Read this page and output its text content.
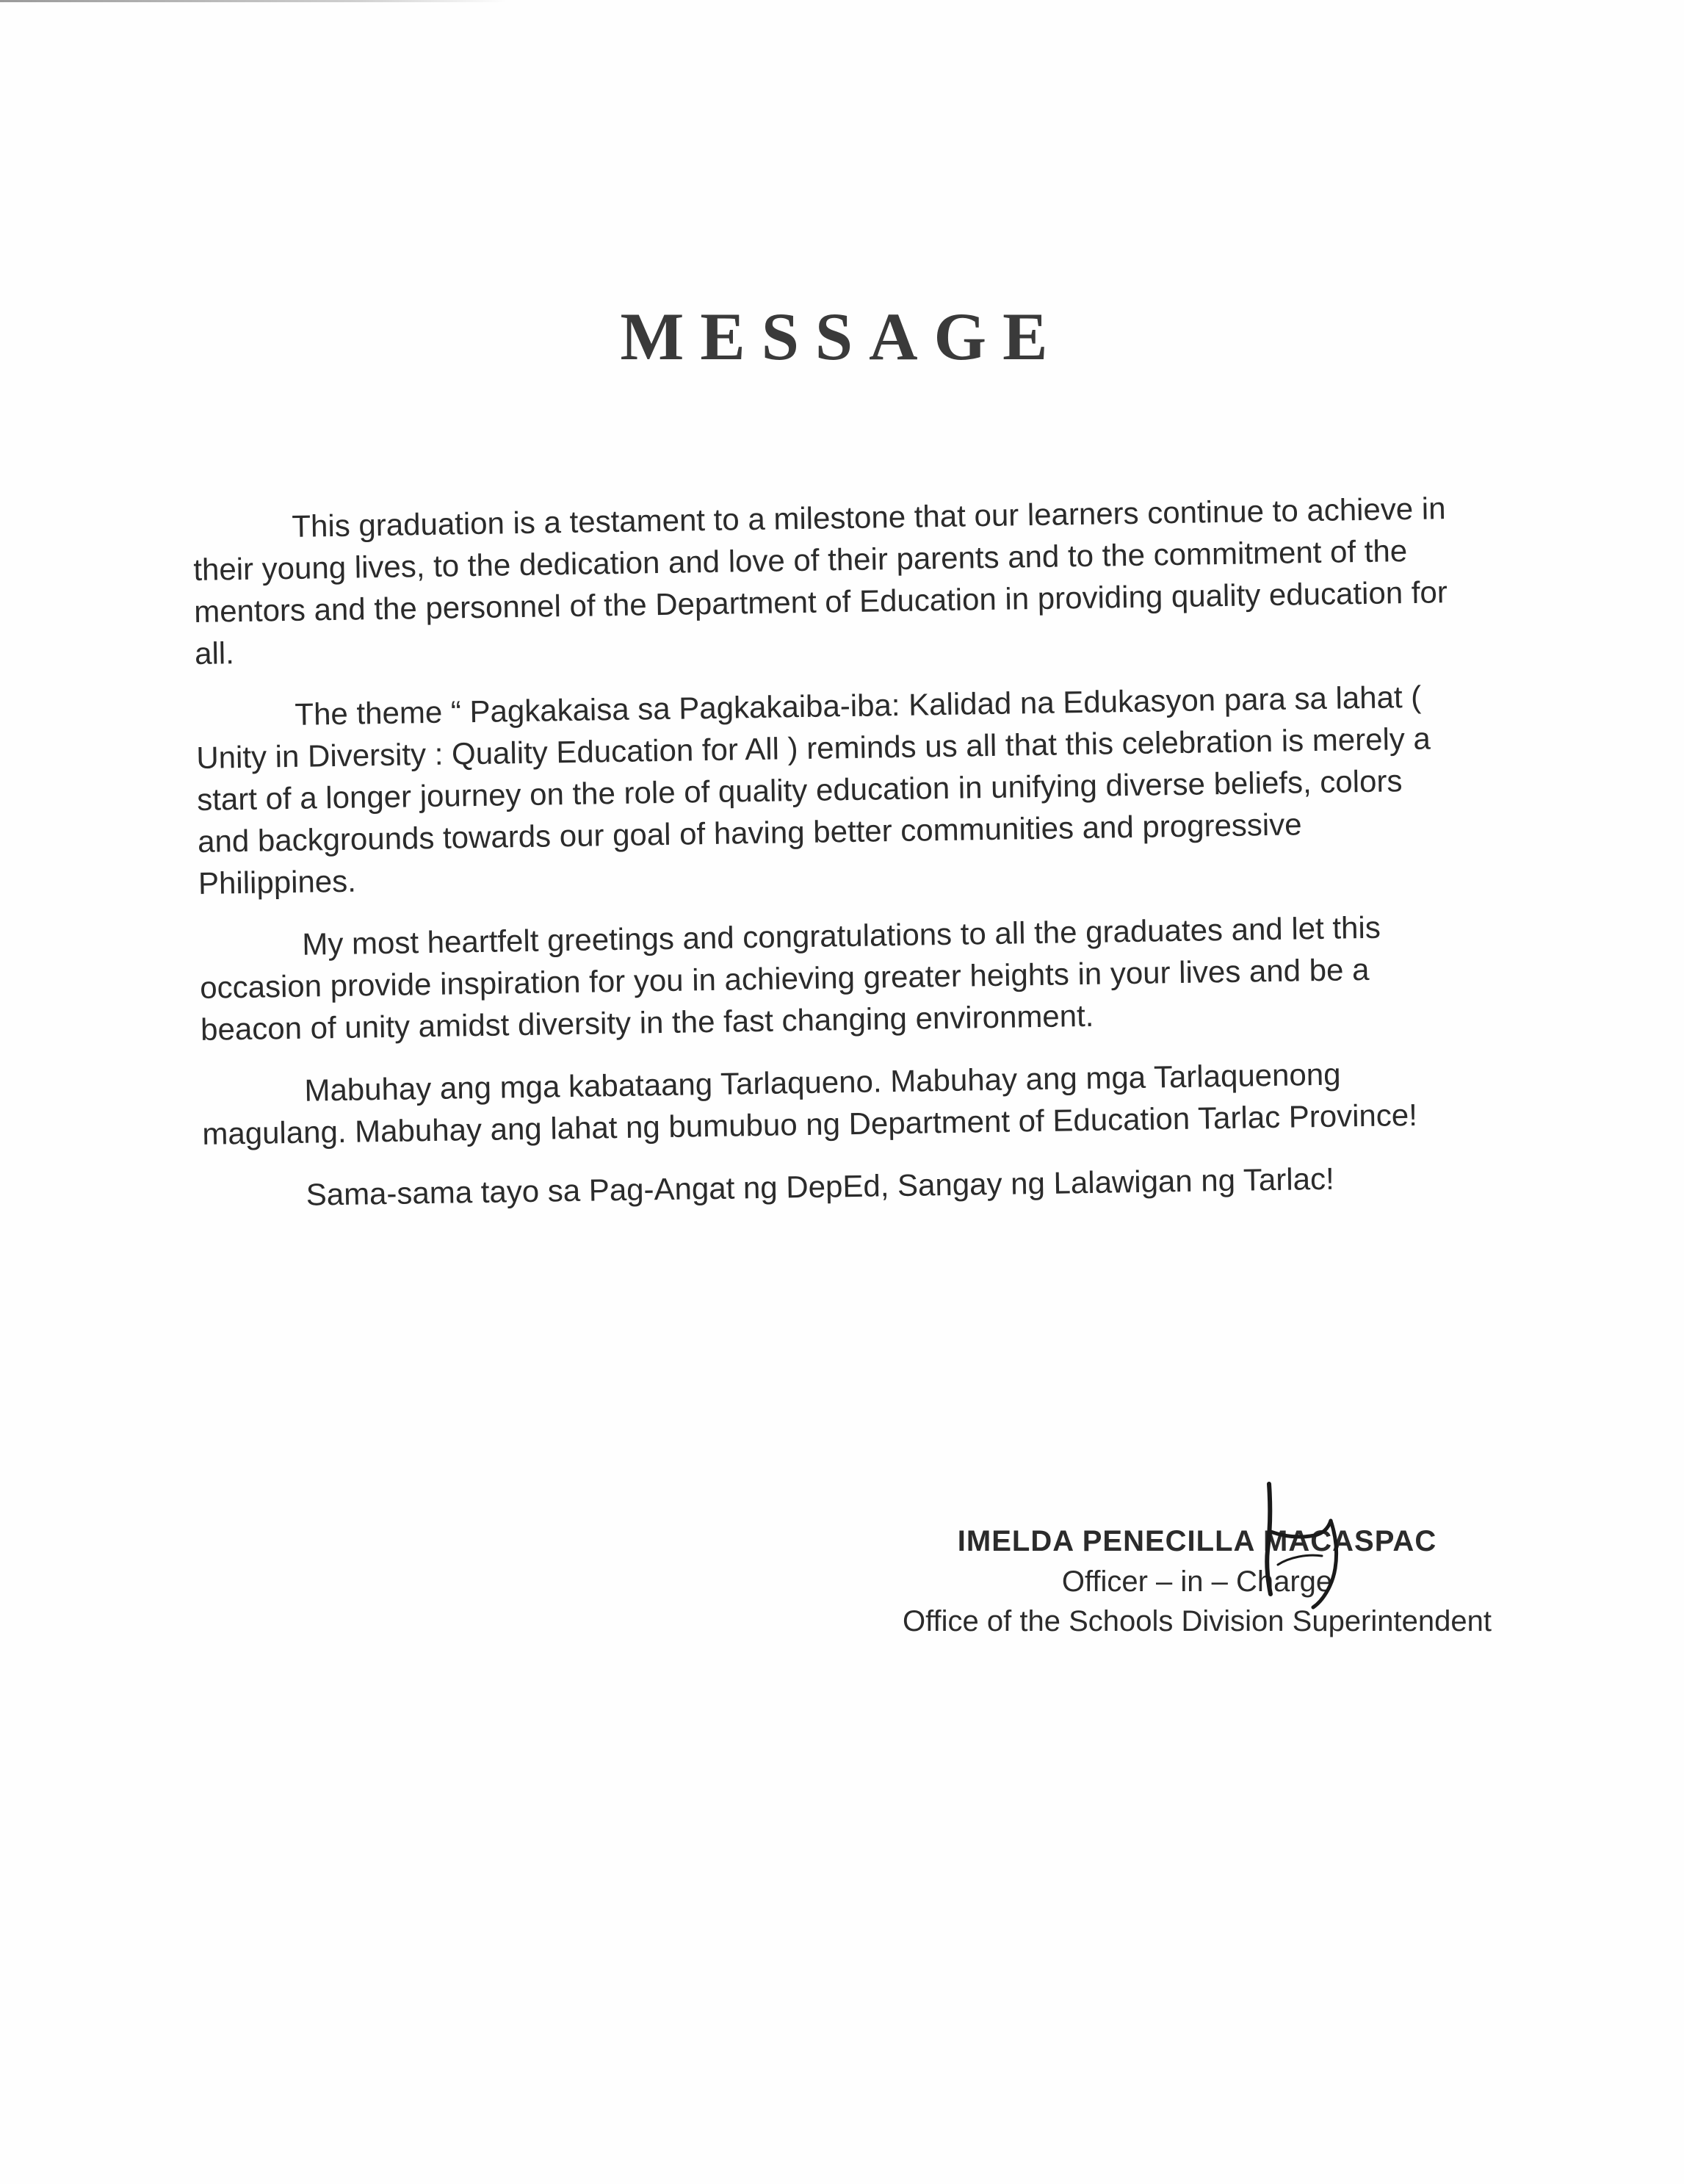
MESSAGE

This graduation is a testament to a milestone that our learners continue to achieve in their young lives, to the dedication and love of their parents and to the commitment of the mentors and the personnel of the Department of Education in providing quality education for all.

The theme “ Pagkakaisa sa Pagkakaiba-iba: Kalidad na Edukasyon para sa lahat ( Unity in Diversity : Quality Education for All ) reminds us all that this celebration is merely a start of a longer journey on the role of quality education in unifying diverse beliefs, colors and backgrounds towards our goal of having better communities and progressive Philippines.

My most heartfelt greetings and congratulations to all the graduates and let this occasion provide inspiration for you in achieving greater heights in your lives and be a beacon of unity amidst diversity in the fast changing environment.

Mabuhay ang mga kabataang Tarlaqueno. Mabuhay ang mga Tarlaquenong magulang. Mabuhay ang lahat ng bumubuo ng Department of Education Tarlac Province!

Sama-sama tayo sa Pag-Angat ng DepEd, Sangay ng Lalawigan ng Tarlac!

IMELDA PENECILLA MACASPAC
Officer – in – Charge
Office of the Schools Division Superintendent
